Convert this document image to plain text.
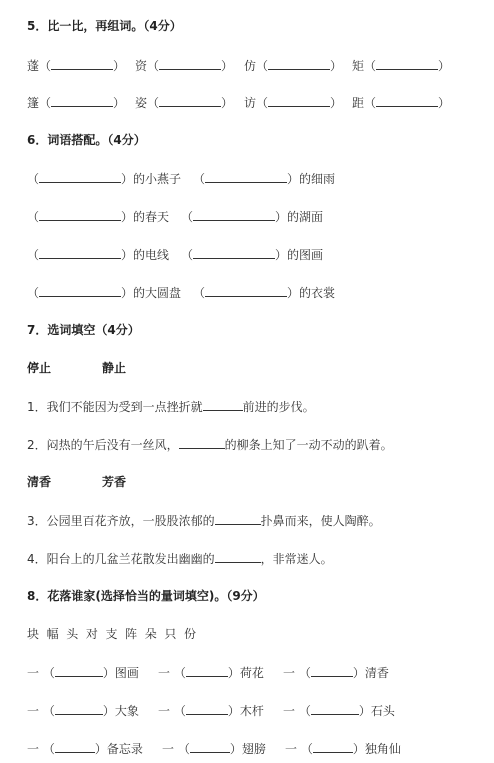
5．比一比，再组词。（4分）
蓬（	） 资（	） 仿（	） 矩（	）
篷（	） 姿（	） 访（	） 距（	）
6．词语搭配。（4分）
（	）的小燕子 （	）的细雨
（	）的春天 （	）的湖面
（	）的电线 （	）的图画
（	）的大圆盘 （	）的衣裳
7．选词填空（4分）
停止	静止
1．我们不能因为受到一点挫折就	前进的步伐。
2．闷热的午后没有一丝风，	的柳条上知了一动不动的趴着。
清香	芳香
3．公园里百花齐放，一股股浓郁的	扑鼻而来，使人陶醉。
4．阳台上的几盆兰花散发出幽幽的	，非常迷人。
8．花落谁家(选择恰当的量词填空)。（9分）
块  幅  头  对  支  阵  朵  只  份
一 （	）图画 一 （	）荷花 一 （	）清香
一 （	）大象 一 （	）木杆 一 （	）石头
一 （	）备忘录 一 （	）翅膀 一 （	）独角仙
